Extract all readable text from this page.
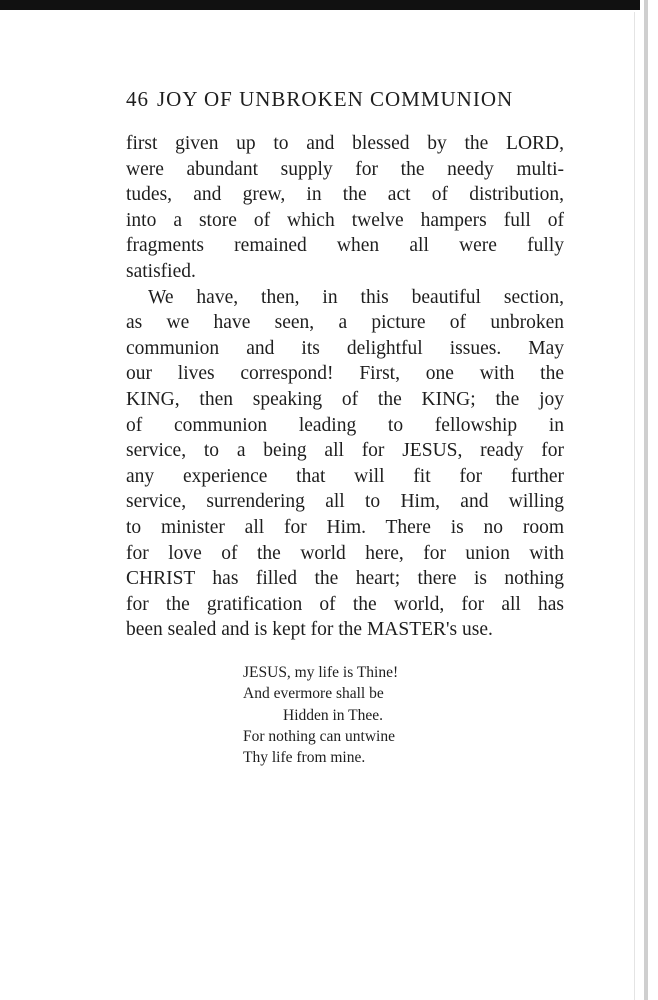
46 JOY OF UNBROKEN COMMUNION
first given up to and blessed by the LORD,
were abundant supply for the needy multi-
tudes, and grew, in the act of distribution,
into a store of which twelve hampers full of
fragments remained when all were fully
satisfied.
We have, then, in this beautiful section,
as we have seen, a picture of unbroken
communion and its delightful issues. May
our lives correspond! First, one with the
KING, then speaking of the KING; the joy
of communion leading to fellowship in
service, to a being all for JESUS, ready for
any experience that will fit for further
service, surrendering all to Him, and willing
to minister all for Him. There is no room
for love of the world here, for union with
CHRIST has filled the heart; there is nothing
for the gratification of the world, for all has
been sealed and is kept for the MASTER's use.
JESUS, my life is Thine!
And evermore shall be
Hidden in Thee.
For nothing can untwine
Thy life from mine.
